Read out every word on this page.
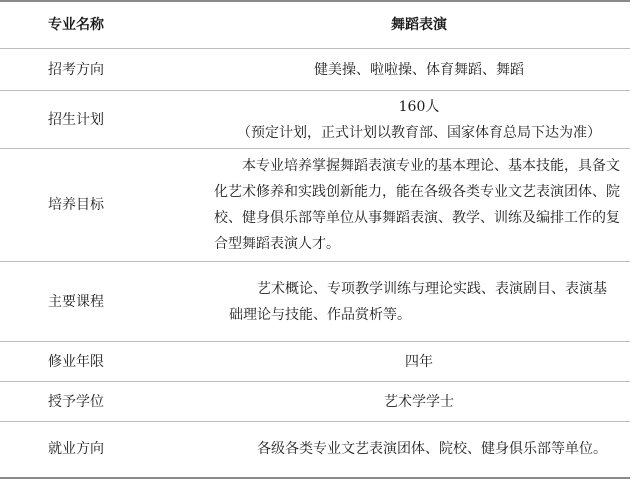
专业名称	舞蹈表演
招考方向	健美操、啦啦操、体育舞蹈、舞蹈
招生计划	160人
（预定计划，正式计划以教育部、国家体育总局下达为准）

培养目标	本专业培养掌握舞蹈表演专业的基本理论、基本技能，具备文化艺术修养和实践创新能力，能在各级各类专业文艺表演团体、院校、健身俱乐部等单位从事舞蹈表演、教学、训练及编排工作的复合型舞蹈表演人才。
主要课程	艺术概论、专项教学训练与理论实践、表演剧目、表演基础理论与技能、作品赏析等。
修业年限	四年
授予学位	艺术学学士
就业方向	各级各类专业文艺表演团体、院校、健身俱乐部等单位。
